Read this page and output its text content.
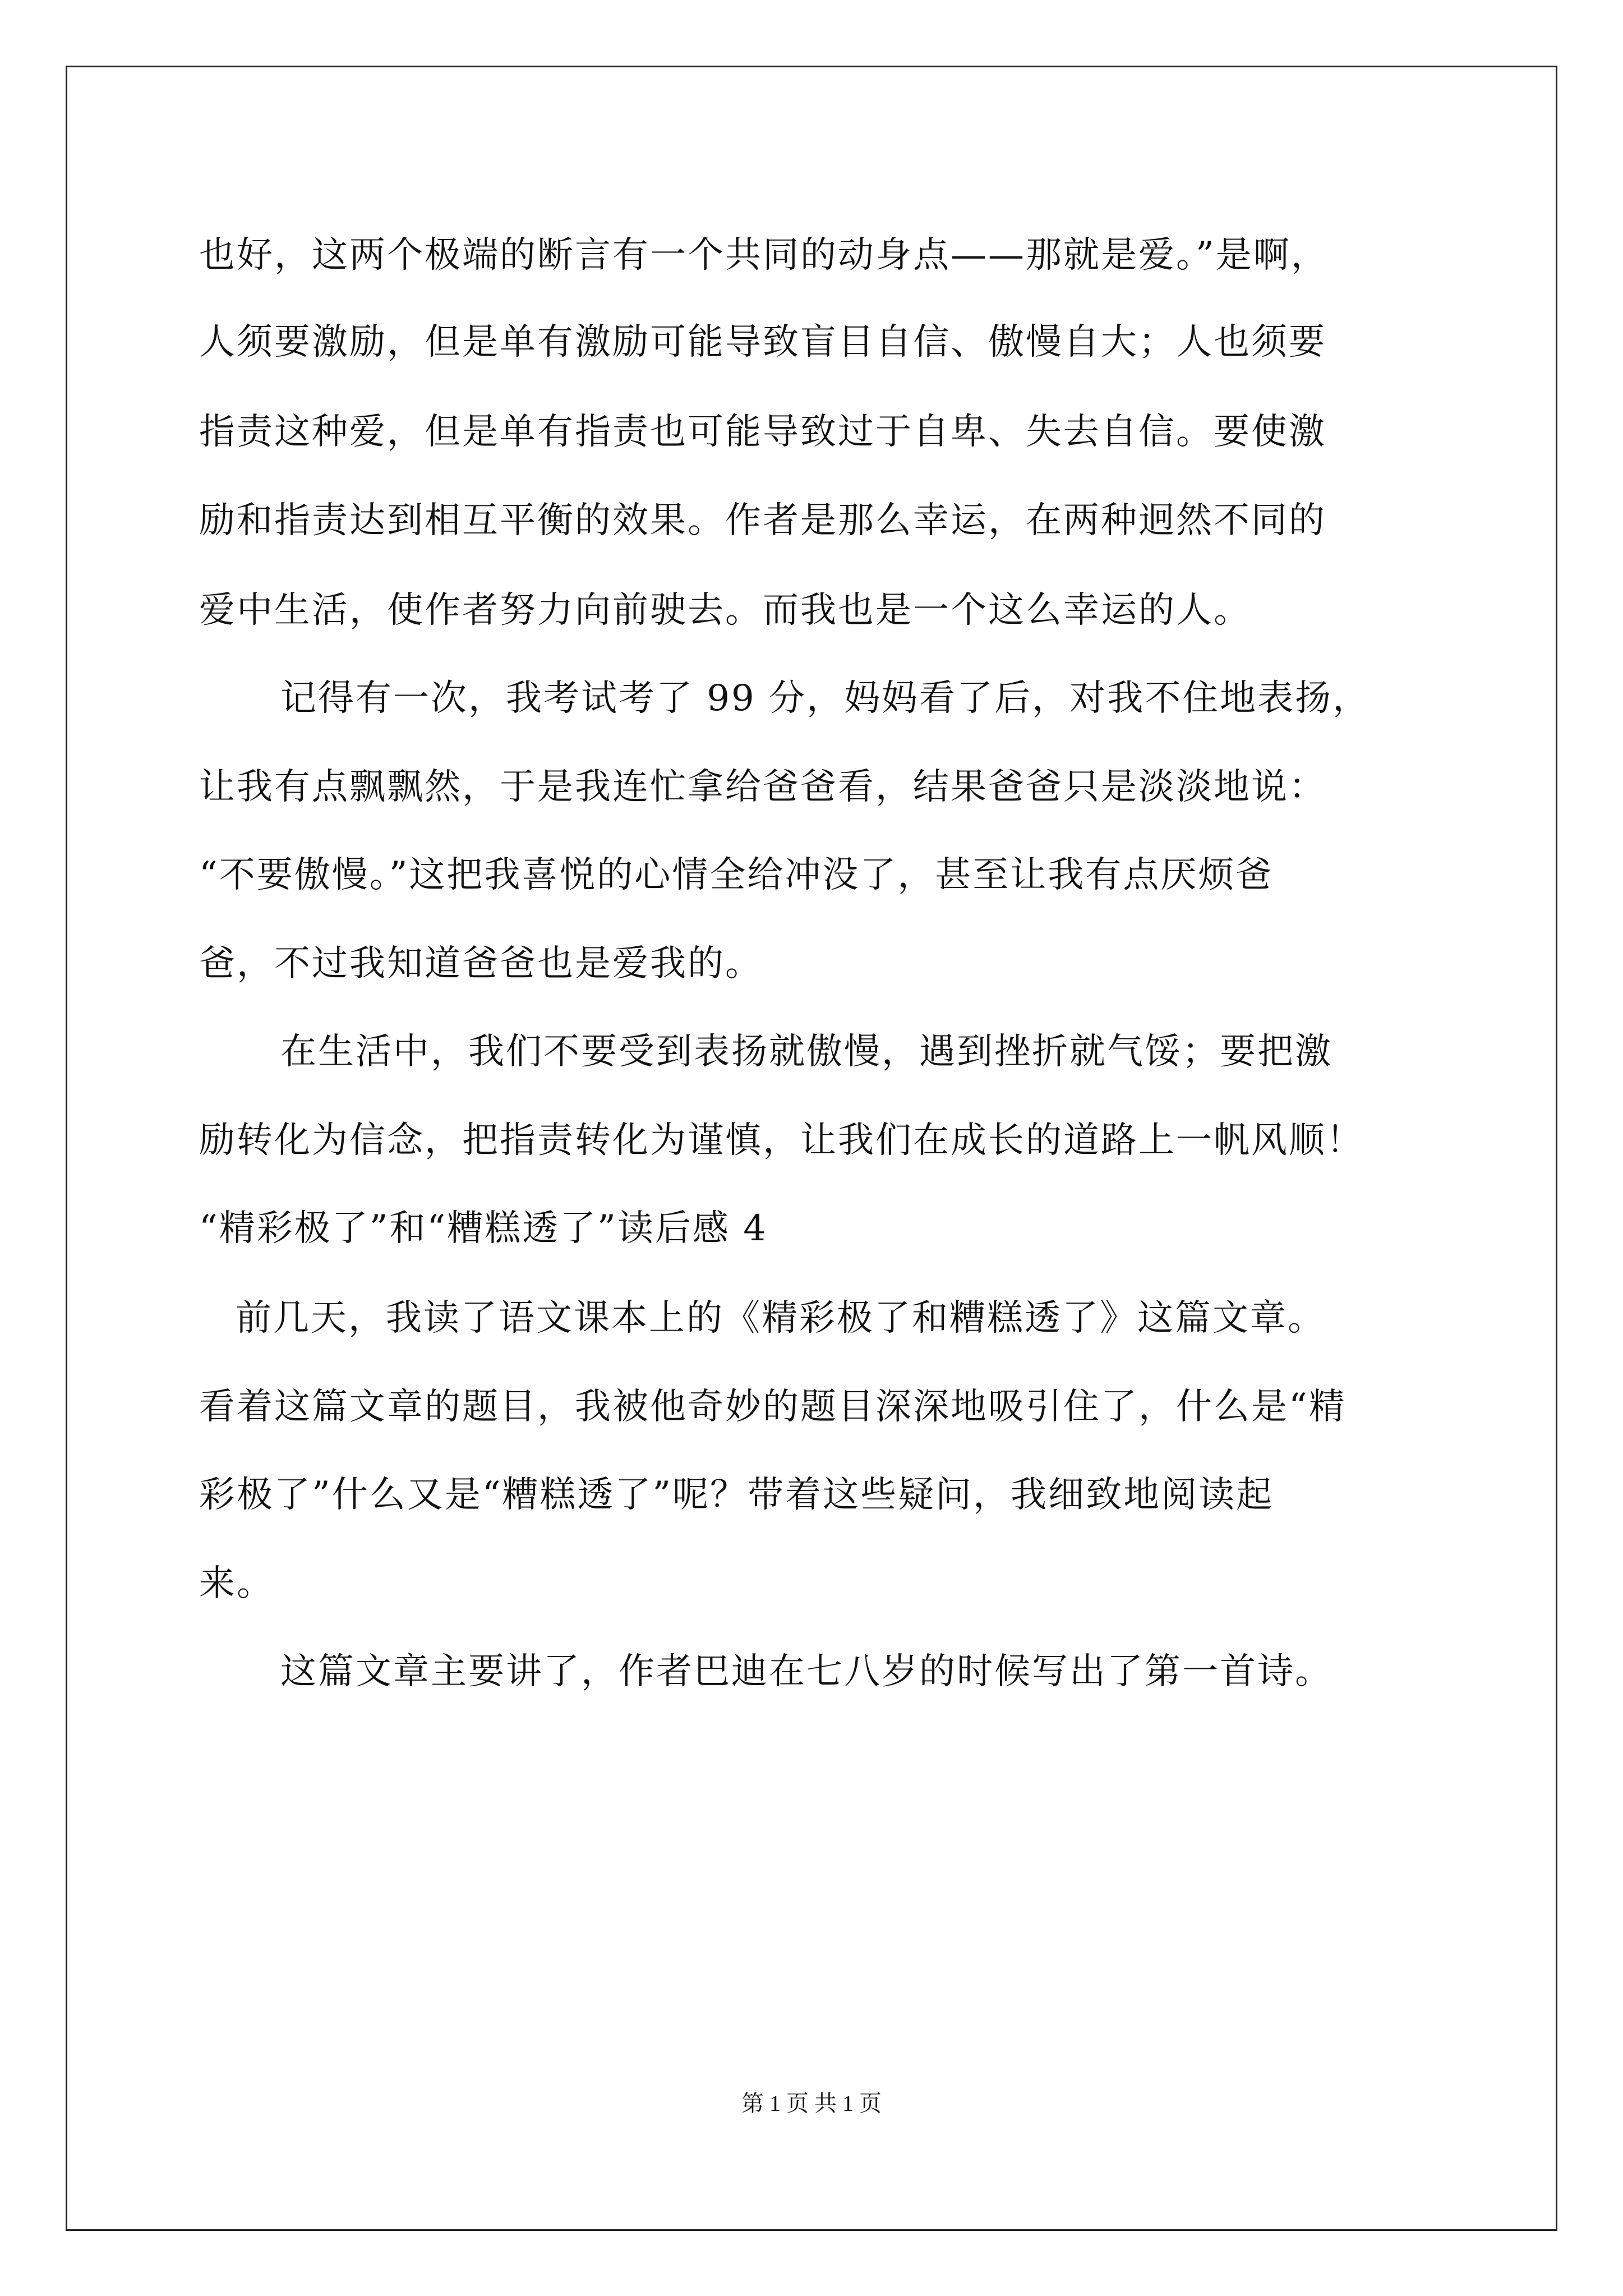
也好，这两个极端的断言有一个共同的动身点——那就是爱。”是啊，
人须要激励，但是单有激励可能导致盲目自信、傲慢自大；人也须要
指责这种爱，但是单有指责也可能导致过于自卑、失去自信。要使激
励和指责达到相互平衡的效果。作者是那么幸运，在两种迥然不同的
爱中生活，使作者努力向前驶去。而我也是一个这么幸运的人。
记得有一次，我考试考了 99 分，妈妈看了后，对我不住地表扬，
让我有点飘飘然，于是我连忙拿给爸爸看，结果爸爸只是淡淡地说：
“不要傲慢。”这把我喜悦的心情全给冲没了，甚至让我有点厌烦爸
爸，不过我知道爸爸也是爱我的。
在生活中，我们不要受到表扬就傲慢，遇到挫折就气馁；要把激
励转化为信念，把指责转化为谨慎，让我们在成长的道路上一帆风顺！
“精彩极了”和“糟糕透了”读后感 4
前几天，我读了语文课本上的《精彩极了和糟糕透了》这篇文章。
看着这篇文章的题目，我被他奇妙的题目深深地吸引住了，什么是“精
彩极了”什么又是“糟糕透了”呢？带着这些疑问，我细致地阅读起
来。
这篇文章主要讲了，作者巴迪在七八岁的时候写出了第一首诗。
第 1 页 共 1 页
